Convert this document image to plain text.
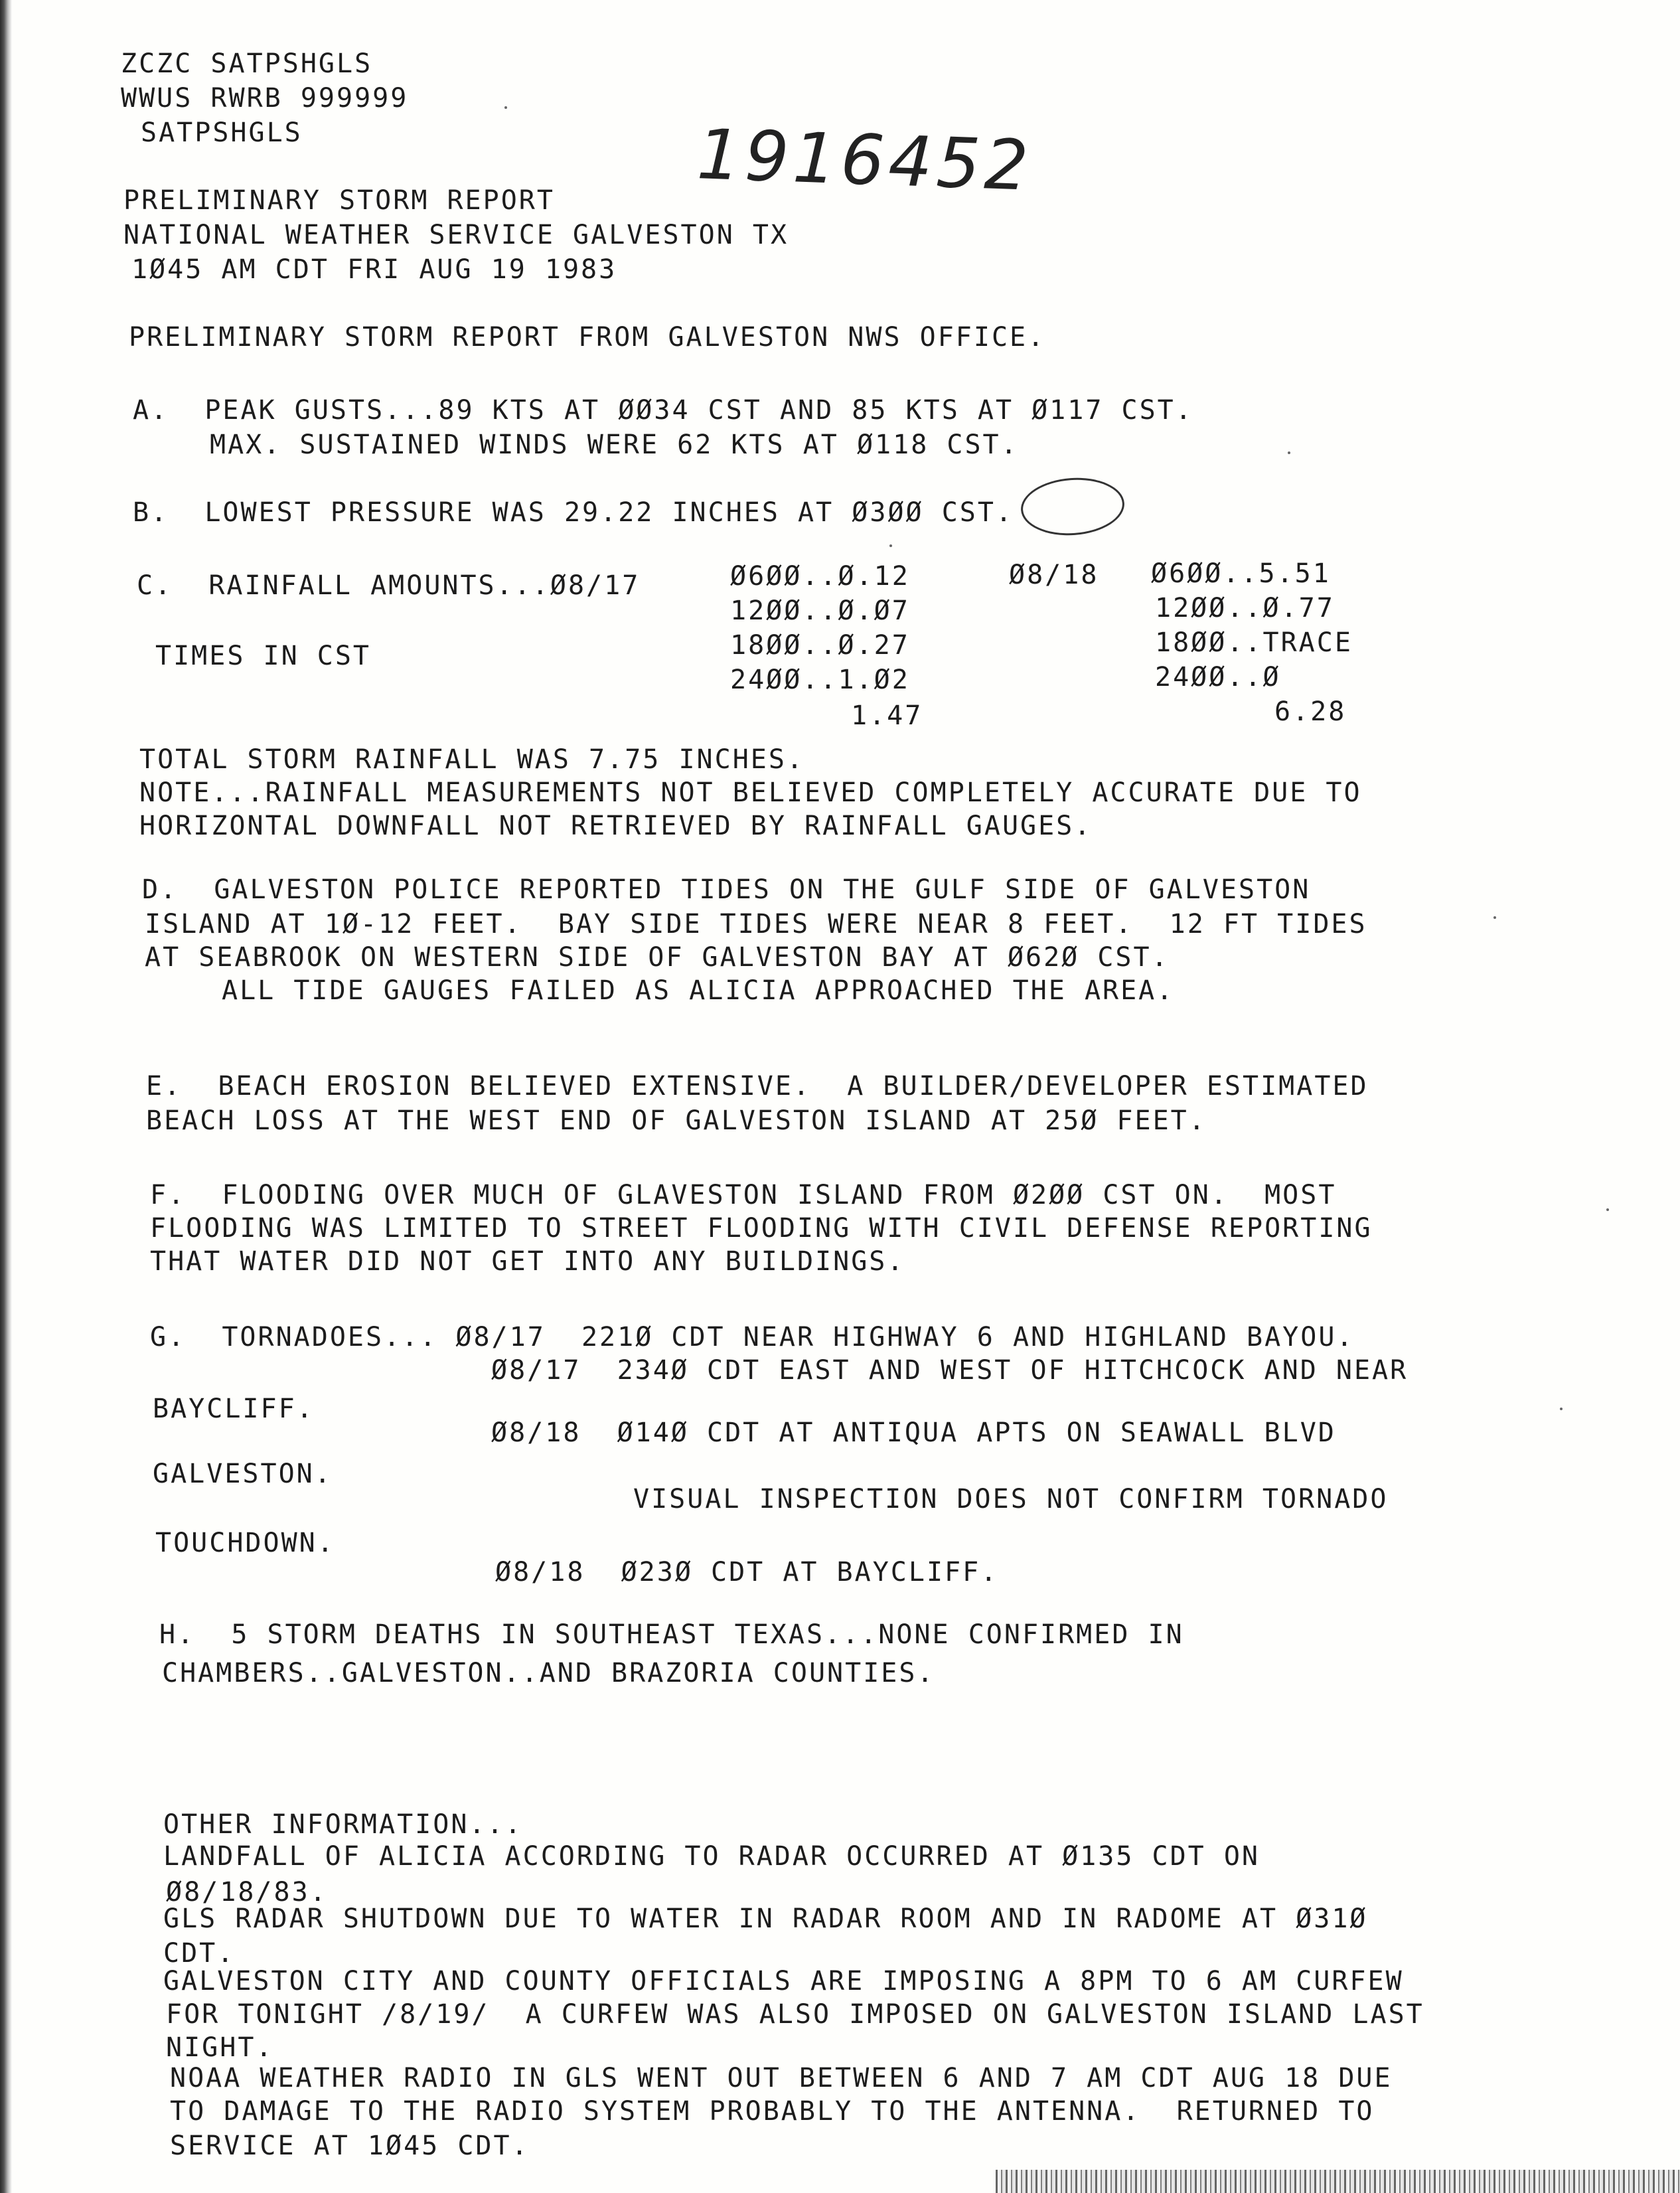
ZCZC SATPSHGLS
WWUS RWRB 999999
SATPSHGLS	1916452
PRELIMINARY STORM REPORT
NATIONAL WEATHER SERVICE GALVESTON TX
1Ø45 AM CDT FRI AUG 19 1983
PRELIMINARY STORM REPORT FROM GALVESTON NWS OFFICE.
A.  PEAK GUSTS...89 KTS AT ØØ34 CST AND 85 KTS AT Ø117 CST.
MAX. SUSTAINED WINDS WERE 62 KTS AT Ø118 CST.
B.  LOWEST PRESSURE WAS 29.22 INCHES AT Ø3ØØ CST.
C.  RAINFALL AMOUNTS...Ø8/17	Ø6ØØ..Ø.12
12ØØ..Ø.Ø7
18ØØ..Ø.27
24ØØ..1.Ø2
1.47
Ø8/18 Ø6ØØ..5.51
12ØØ..Ø.77
18ØØ..TRACE
24ØØ..Ø
6.28
TIMES IN CST
TOTAL STORM RAINFALL WAS 7.75 INCHES.
NOTE...RAINFALL MEASUREMENTS NOT BELIEVED COMPLETELY ACCURATE DUE TO
HORIZONTAL DOWNFALL NOT RETRIEVED BY RAINFALL GAUGES.
D.  GALVESTON POLICE REPORTED TIDES ON THE GULF SIDE OF GALVESTON
ISLAND AT 1Ø-12 FEET.  BAY SIDE TIDES WERE NEAR 8 FEET.  12 FT TIDES
AT SEABROOK ON WESTERN SIDE OF GALVESTON BAY AT Ø62Ø CST.
ALL TIDE GAUGES FAILED AS ALICIA APPROACHED THE AREA.
E.  BEACH EROSION BELIEVED EXTENSIVE.  A BUILDER/DEVELOPER ESTIMATED
BEACH LOSS AT THE WEST END OF GALVESTON ISLAND AT 25Ø FEET.
F.  FLOODING OVER MUCH OF GLAVESTON ISLAND FROM Ø2ØØ CST ON.  MOST
FLOODING WAS LIMITED TO STREET FLOODING WITH CIVIL DEFENSE REPORTING
THAT WATER DID NOT GET INTO ANY BUILDINGS.
G.  TORNADOES... Ø8/17  221Ø CDT NEAR HIGHWAY 6 AND HIGHLAND BAYOU.
Ø8/17  234Ø CDT EAST AND WEST OF HITCHCOCK AND NEAR
BAYCLIFF.
Ø8/18  Ø14Ø CDT AT ANTIQUA APTS ON SEAWALL BLVD
GALVESTON.
VISUAL INSPECTION DOES NOT CONFIRM TORNADO
TOUCHDOWN.
Ø8/18  Ø23Ø CDT AT BAYCLIFF.
H.  5 STORM DEATHS IN SOUTHEAST TEXAS...NONE CONFIRMED IN
CHAMBERS..GALVESTON..AND BRAZORIA COUNTIES.
OTHER INFORMATION...
LANDFALL OF ALICIA ACCORDING TO RADAR OCCURRED AT Ø135 CDT ON
Ø8/18/83.
GLS RADAR SHUTDOWN DUE TO WATER IN RADAR ROOM AND IN RADOME AT Ø31Ø
CDT.
GALVESTON CITY AND COUNTY OFFICIALS ARE IMPOSING A 8PM TO 6 AM CURFEW
FOR TONIGHT /8/19/  A CURFEW WAS ALSO IMPOSED ON GALVESTON ISLAND LAST
NIGHT.
NOAA WEATHER RADIO IN GLS WENT OUT BETWEEN 6 AND 7 AM CDT AUG 18 DUE
TO DAMAGE TO THE RADIO SYSTEM PROBABLY TO THE ANTENNA.  RETURNED TO
SERVICE AT 1Ø45 CDT.
